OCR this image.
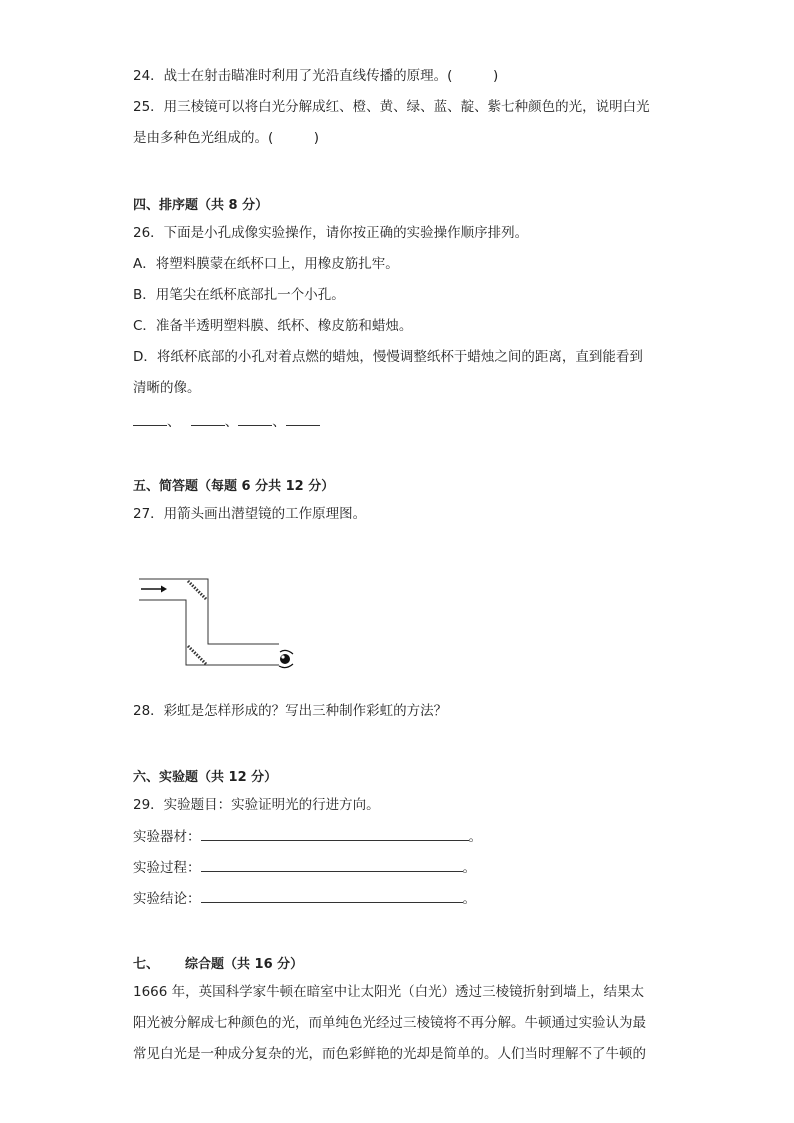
24．战士在射击瞄准时利用了光沿直线传播的原理。(　　　)
25．用三棱镜可以将白光分解成红、橙、黄、绿、蓝、靛、紫七种颜色的光，说明白光
是由多种色光组成的。(　　　)
四、排序题（共 8 分）
26．下面是小孔成像实验操作，请你按正确的实验操作顺序排列。
A．将塑料膜蒙在纸杯口上，用橡皮筋扎牢。
B．用笔尖在纸杯底部扎一个小孔。
C．准备半透明塑料膜、纸杯、橡皮筋和蜡烛。
D．将纸杯底部的小孔对着点燃的蜡烛，慢慢调整纸杯于蜡烛之间的距离，直到能看到
清晰的像。
、	、	、
五、简答题（每题 6 分共 12 分）
27．用箭头画出潜望镜的工作原理图。
28．彩虹是怎样形成的？写出三种制作彩虹的方法？
六、实验题（共 12 分）
29．实验题目：实验证明光的行进方向。
实验器材：	。
实验过程：	。
实验结论：	。
七、 综合题（共 16 分）
1666 年，英国科学家牛顿在暗室中让太阳光（白光）透过三棱镜折射到墙上，结果太
阳光被分解成七种颜色的光，而单纯色光经过三棱镜将不再分解。牛顿通过实验认为最
常见白光是一种成分复杂的光，而色彩鲜艳的光却是简单的。人们当时理解不了牛顿的
